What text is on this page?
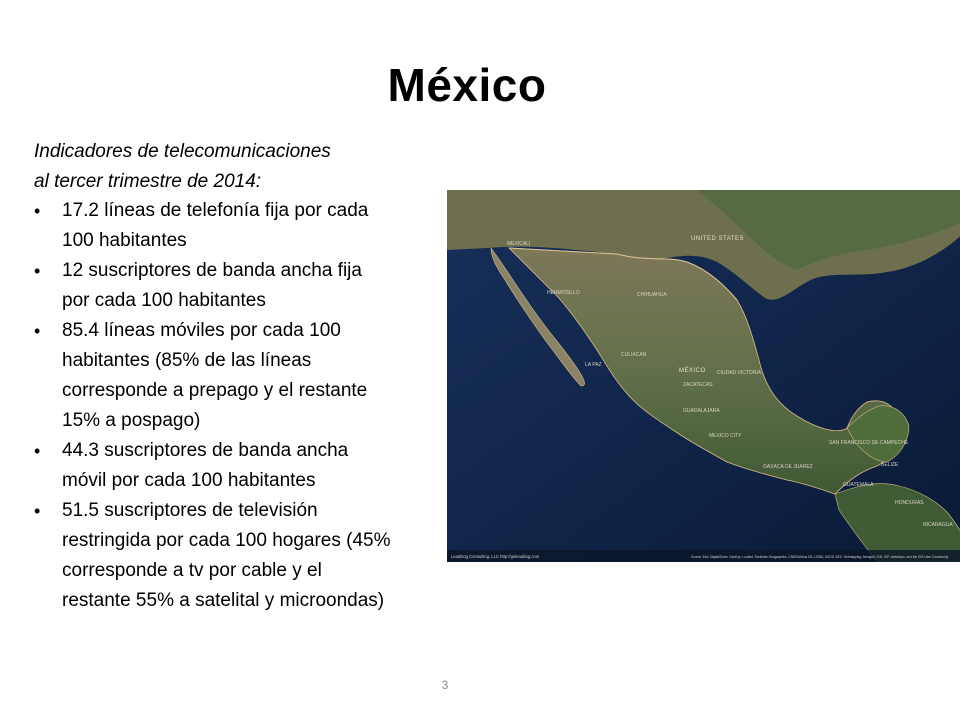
México
Indicadores de telecomunicaciones
al tercer trimestre de 2014:
• 17.2 líneas de telefonía fija por cada 100 habitantes
• 12 suscriptores de banda ancha fija por cada 100 habitantes
• 85.4 líneas móviles por cada 100 habitantes (85% de las líneas corresponde a prepago y el restante 15% a pospago)
• 44.3 suscriptores de banda ancha móvil por cada 100 habitantes
• 51.5 suscriptores de televisión restringida por cada 100 hogares (45% corresponde a tv por cable y el restante 55% a satelital y microondas)
UNITED STATES
MÉXICO
MEXICO CITY
GUATEMALA
HONDURAS
NICARAGUA
BELIZE
MEXICALI
HERMOSILLO	CHIHUAHUA
CULIACAN
LA PAZ
CIUDAD VICTORIA
ZACATECAS
GUADALAJARA
SAN FRANCISCO DE CAMPECHE
OAXACA DE JUAREZ
LeadDog Consulting, LLC http://goleaddog.com	Source: Esri, DigitalGlobe, GeoEye, i-cubed, Earthstar Geographics, CNES/Airbus DS, USDA, USGS, AEX, Getmapping, Aerogrid, IGN, IGP, swisstopo, and the GIS User Community
3
